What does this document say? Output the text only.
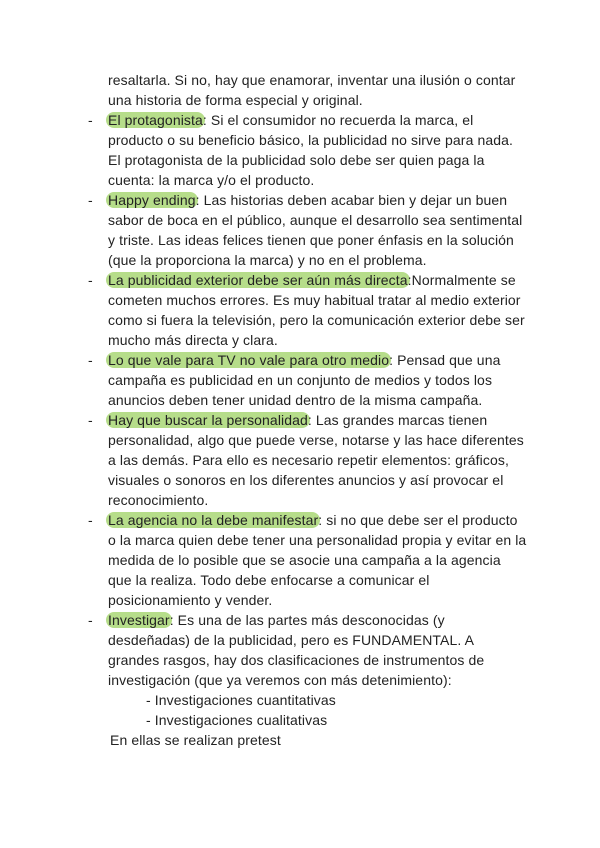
resaltarla. Si no, hay que enamorar, inventar una ilusión o contar una historia de forma especial y original.

- El protagonista: Si el consumidor no recuerda la marca, el producto o su beneficio básico, la publicidad no sirve para nada. El protagonista de la publicidad solo debe ser quien paga la cuenta: la marca y/o el producto.

- Happy ending: Las historias deben acabar bien y dejar un buen sabor de boca en el público, aunque el desarrollo sea sentimental y triste. Las ideas felices tienen que poner énfasis en la solución (que la proporciona la marca) y no en el problema.

- La publicidad exterior debe ser aún más directa:Normalmente se cometen muchos errores. Es muy habitual tratar al medio exterior como si fuera la televisión, pero la comunicación exterior debe ser mucho más directa y clara.

- Lo que vale para TV no vale para otro medio: Pensad que una campaña es publicidad en un conjunto de medios y todos los anuncios deben tener unidad dentro de la misma campaña.

- Hay que buscar la personalidad: Las grandes marcas tienen personalidad, algo que puede verse, notarse y las hace diferentes a las demás. Para ello es necesario repetir elementos: gráficos, visuales o sonoros en los diferentes anuncios y así provocar el reconocimiento.

- La agencia no la debe manifestar: si no que debe ser el producto o la marca quien debe tener una personalidad propia y evitar en la medida de lo posible que se asocie una campaña a la agencia que la realiza. Todo debe enfocarse a comunicar el posicionamiento y vender.

- Investigar: Es una de las partes más desconocidas (y desdeñadas) de la publicidad, pero es FUNDAMENTAL. A grandes rasgos, hay dos clasificaciones de instrumentos de investigación (que ya veremos con más detenimiento):

- Investigaciones cuantitativas

- Investigaciones cualitativas

En ellas se realizan pretest
